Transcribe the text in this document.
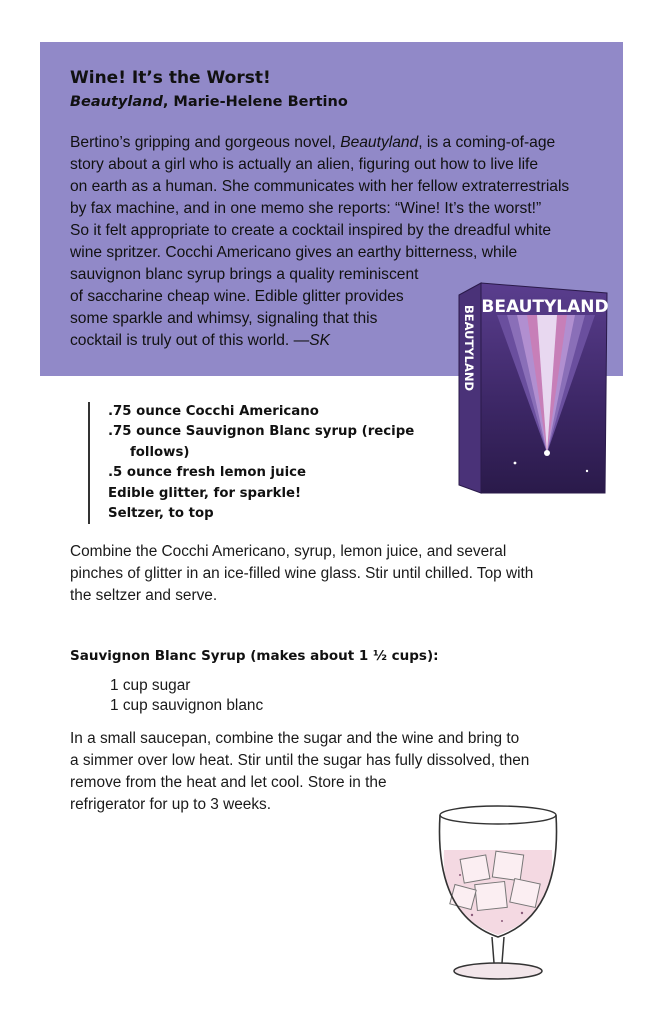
Wine! It’s the Worst!

Beautyland, Marie-Helene Bertino

Bertino’s gripping and gorgeous novel, Beautyland, is a coming-of-age

story about a girl who is actually an alien, figuring out how to live life

on earth as a human. She communicates with her fellow extraterrestrials

by fax machine, and in one memo she reports: “Wine! It’s the worst!”

So it felt appropriate to create a cocktail inspired by the dreadful white

wine spritzer. Cocchi Americano gives an earthy bitterness, while

sauvignon blanc syrup brings a quality reminiscent

of saccharine cheap wine. Edible glitter provides

some sparkle and whimsy, signaling that this

cocktail is truly out of this world. —SK

BEAUTYLAND
BEAUTYLAND

.75 ounce Cocchi Americano

.75 ounce Sauvignon Blanc syrup (recipe

follows)

.5 ounce fresh lemon juice

Edible glitter, for sparkle!

Seltzer, to top

Combine the Cocchi Americano, syrup, lemon juice, and several

pinches of glitter in an ice-filled wine glass. Stir until chilled. Top with

the seltzer and serve.

Sauvignon Blanc Syrup (makes about 1 ½ cups):

1 cup sugar

1 cup sauvignon blanc

In a small saucepan, combine the sugar and the wine and bring to

a simmer over low heat. Stir until the sugar has fully dissolved, then

remove from the heat and let cool. Store in the

refrigerator for up to 3 weeks.
